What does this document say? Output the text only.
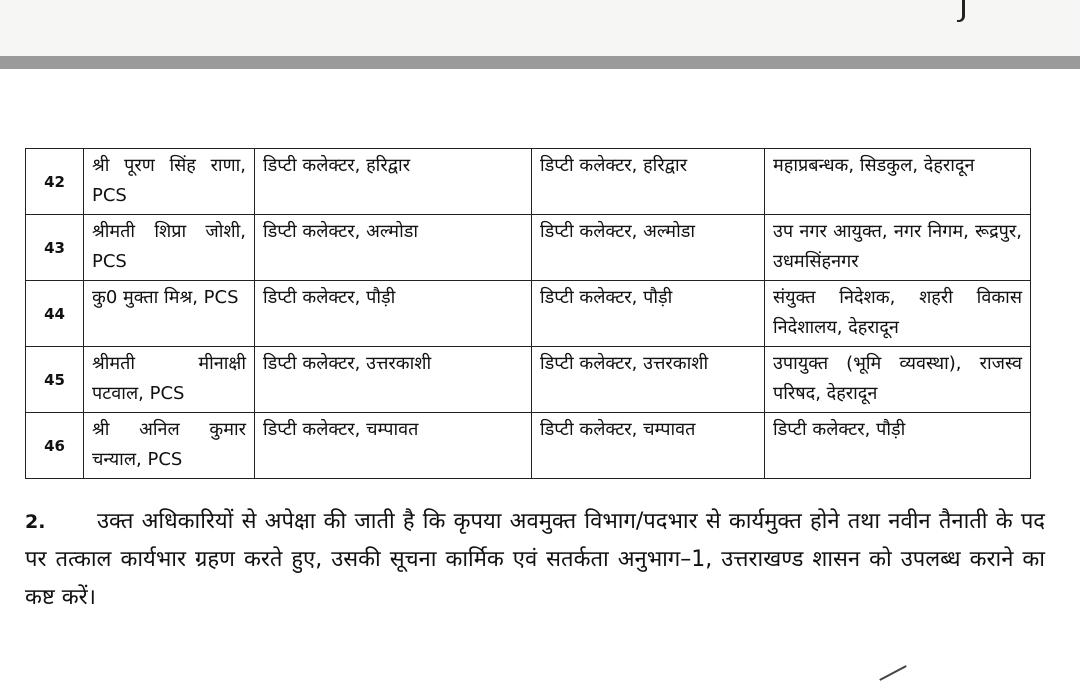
42	श्री पूरण सिंह राणा, PCS	डिप्टी कलेक्टर, हरिद्वार	डिप्टी कलेक्टर, हरिद्वार	महाप्रबन्धक, सिडकुल, देहरादून
43	श्रीमती शिप्रा जोशी, PCS	डिप्टी कलेक्टर, अल्मोडा	डिप्टी कलेक्टर, अल्मोडा	उप नगर आयुक्त, नगर निगम, रूद्रपुर, उधमसिंहनगर
44	कु0 मुक्ता मिश्र, PCS	डिप्टी कलेक्टर, पौड़ी	डिप्टी कलेक्टर, पौड़ी	संयुक्त निदेशक, शहरी विकास निदेशालय, देहरादून
45	श्रीमती मीनाक्षी पटवाल, PCS	डिप्टी कलेक्टर, उत्तरकाशी	डिप्टी कलेक्टर, उत्तरकाशी	उपायुक्त (भूमि व्यवस्था), राजस्व परिषद, देहरादून
46	श्री अनिल कुमार चन्याल, PCS	डिप्टी कलेक्टर, चम्पावत	डिप्टी कलेक्टर, चम्पावत	डिप्टी कलेक्टर, पौड़ी
2. उक्त अधिकारियों से अपेक्षा की जाती है कि कृपया अवमुक्त विभाग/पदभार से कार्यमुक्त होने तथा नवीन तैनाती के पद पर तत्काल कार्यभार ग्रहण करते हुए, उसकी सूचना कार्मिक एवं सतर्कता अनुभाग–1, उत्तराखण्ड शासन को उपलब्ध कराने का कष्ट करें।
